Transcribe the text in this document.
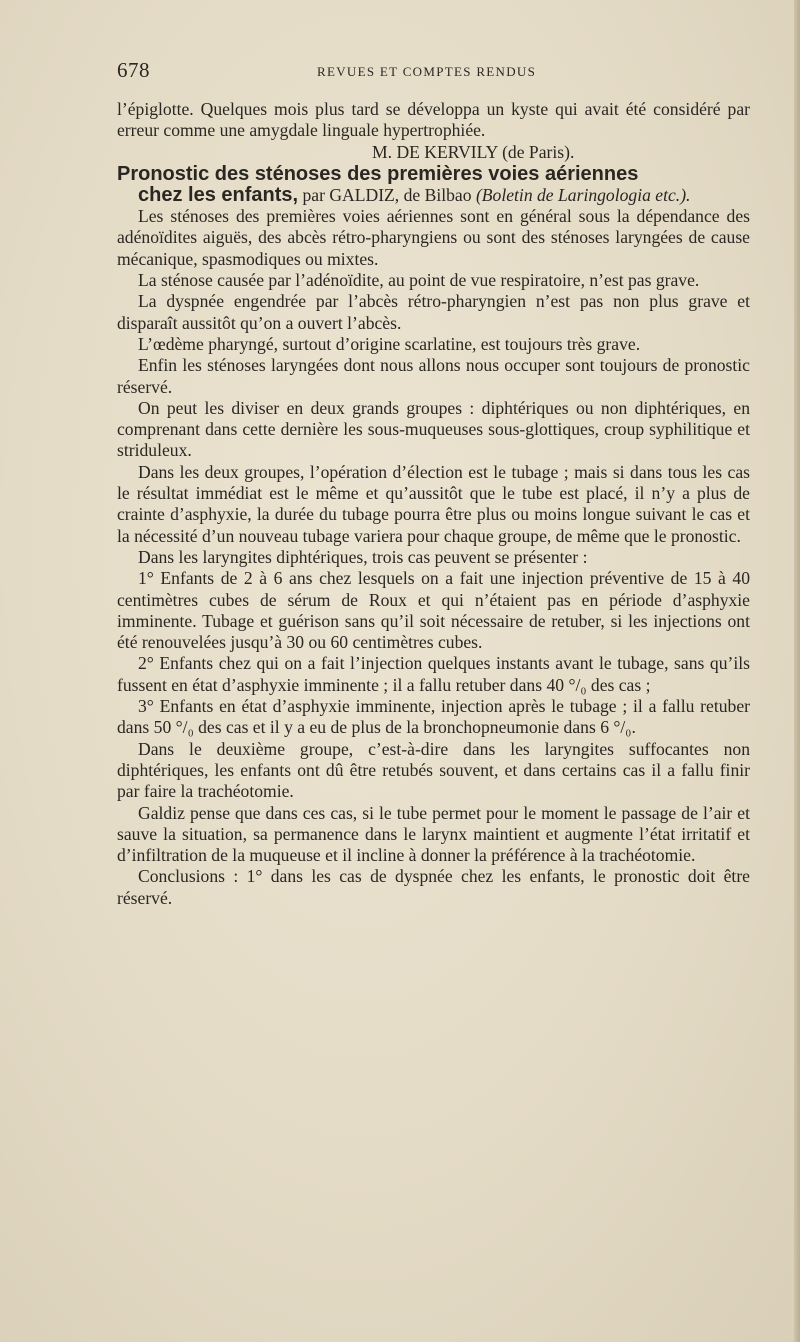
678	REVUES ET COMPTES RENDUS

l’épiglotte. Quelques mois plus tard se développa un kyste qui avait été considéré par erreur comme une amygdale linguale hypertrophiée.

M. DE KERVILY (de Paris).

Pronostic des sténoses des premières voies aériennes
chez les enfants, par GALDIZ, de Bilbao (Boletin de Laringologia etc.).

Les sténoses des premières voies aériennes sont en général sous la dépendance des adénoïdites aiguës, des abcès rétro-pharyngiens ou sont des sténoses laryngées de cause mécanique, spasmodiques ou mixtes.

La sténose causée par l’adénoïdite, au point de vue respiratoire, n’est pas grave.

La dyspnée engendrée par l’abcès rétro-pharyngien n’est pas non plus grave et disparaît aussitôt qu’on a ouvert l’abcès.

L’œdème pharyngé, surtout d’origine scarlatine, est toujours très grave.

Enfin les sténoses laryngées dont nous allons nous occuper sont toujours de pronostic réservé.

On peut les diviser en deux grands groupes : diphtériques ou non diphtériques, en comprenant dans cette dernière les sous-muqueuses sous-glottiques, croup syphilitique et striduleux.

Dans les deux groupes, l’opération d’élection est le tubage ; mais si dans tous les cas le résultat immédiat est le même et qu’aussitôt que le tube est placé, il n’y a plus de crainte d’asphyxie, la durée du tubage pourra être plus ou moins longue suivant le cas et la nécessité d’un nouveau tubage variera pour chaque groupe, de même que le pronostic.

Dans les laryngites diphtériques, trois cas peuvent se présenter :

1° Enfants de 2 à 6 ans chez lesquels on a fait une injection préventive de 15 à 40 centimètres cubes de sérum de Roux et qui n’étaient pas en période d’asphyxie imminente. Tubage et guérison sans qu’il soit nécessaire de retuber, si les injections ont été renouvelées jusqu’à 30 ou 60 centimètres cubes.

2° Enfants chez qui on a fait l’injection quelques instants avant le tubage, sans qu’ils fussent en état d’asphyxie imminente ; il a fallu retuber dans 40 °/₀ des cas ;

3° Enfants en état d’asphyxie imminente, injection après le tubage ; il a fallu retuber dans 50 °/₀ des cas et il y a eu de plus de la bronchopneumonie dans 6 °/₀.

Dans le deuxième groupe, c’est-à-dire dans les laryngites suffocantes non diphtériques, les enfants ont dû être retubés souvent, et dans certains cas il a fallu finir par faire la trachéotomie.

Galdiz pense que dans ces cas, si le tube permet pour le moment le passage de l’air et sauve la situation, sa permanence dans le larynx maintient et augmente l’état irritatif et d’infiltration de la muqueuse et il incline à donner la préférence à la trachéotomie.

Conclusions : 1° dans les cas de dyspnée chez les enfants, le pronostic doit être réservé.
